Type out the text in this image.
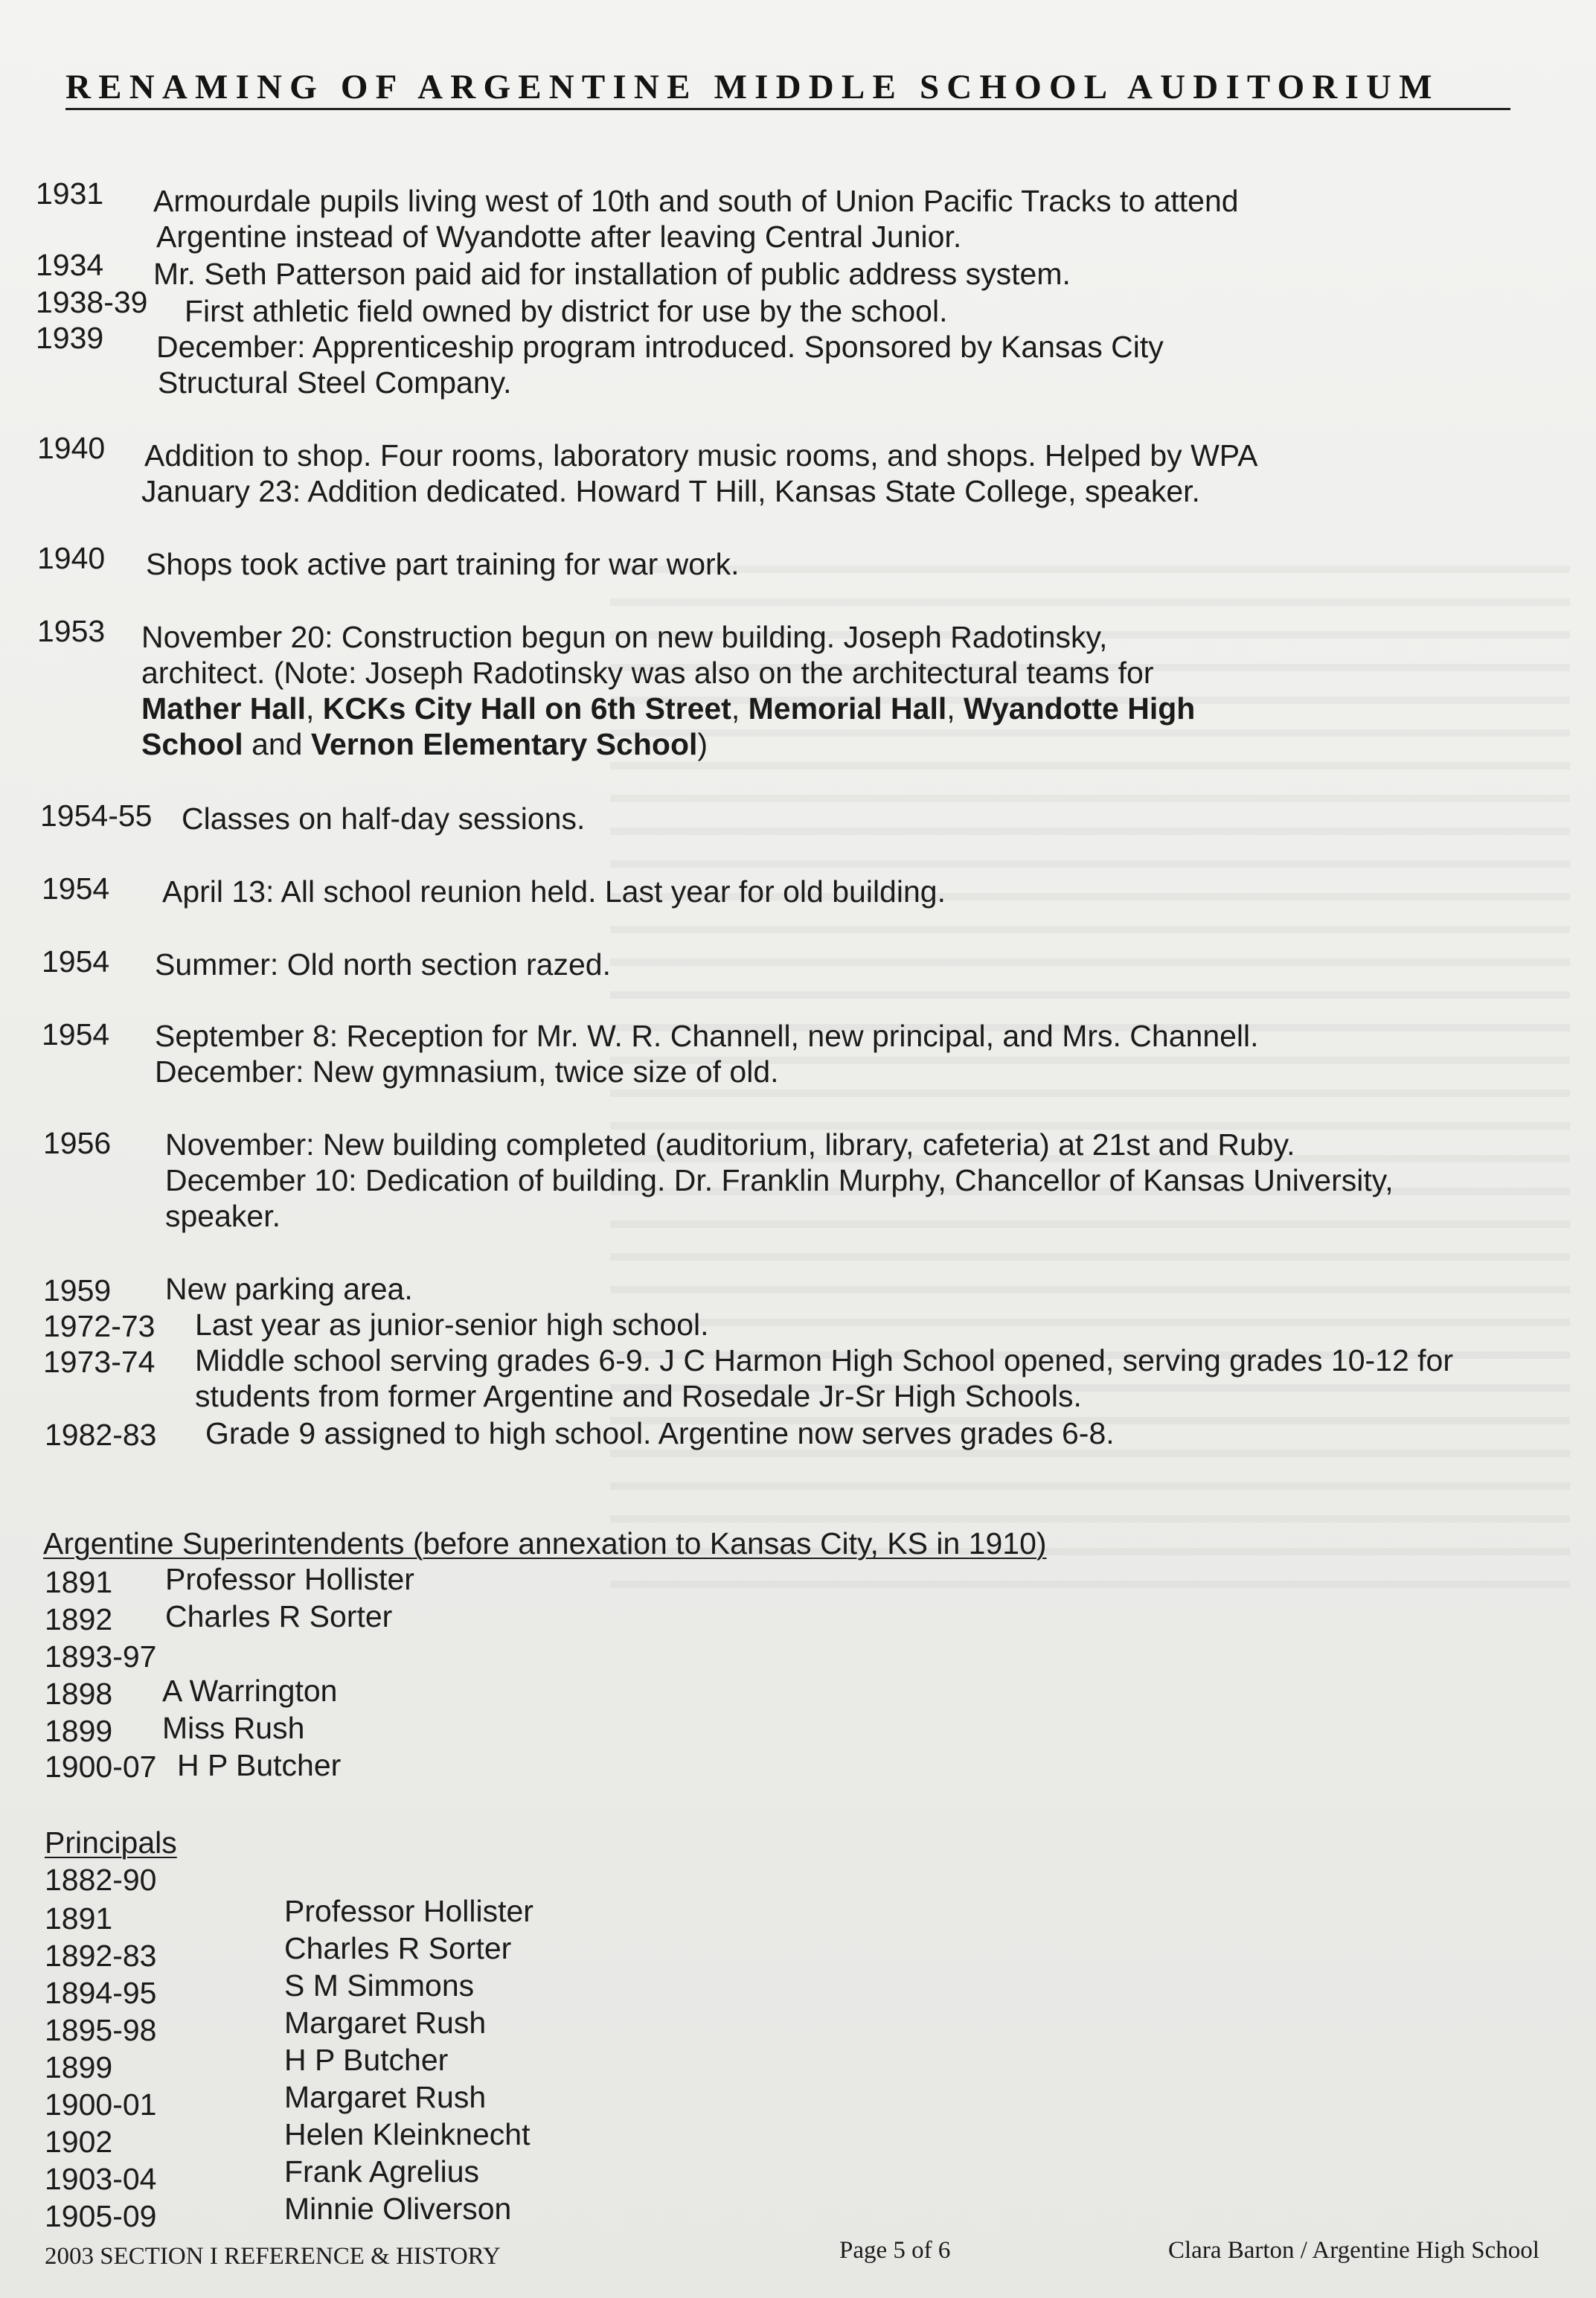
RENAMING OF ARGENTINE MIDDLE SCHOOL AUDITORIUM
1931 Armourdale pupils living west of 10th and south of Union Pacific Tracks to attend
Argentine instead of Wyandotte after leaving Central Junior.
1934 Mr. Seth Patterson paid aid for installation of public address system.
1938-39 First athletic field owned by district for use by the school.
1939 December: Apprenticeship program introduced. Sponsored by Kansas City
Structural Steel Company.
1940 Addition to shop. Four rooms, laboratory music rooms, and shops. Helped by WPA
January 23: Addition dedicated. Howard T Hill, Kansas State College, speaker.
1940 Shops took active part training for war work.
1953 November 20: Construction begun on new building. Joseph Radotinsky,
architect. (Note: Joseph Radotinsky was also on the architectural teams for
Mather Hall, KCKs City Hall on 6th Street, Memorial Hall, Wyandotte High
School and Vernon Elementary School)
1954-55 Classes on half-day sessions.
1954 April 13: All school reunion held. Last year for old building.
1954 Summer: Old north section razed.
1954 September 8: Reception for Mr. W. R. Channell, new principal, and Mrs. Channell.
December: New gymnasium, twice size of old.
1956 November: New building completed (auditorium, library, cafeteria) at 21st and Ruby.
December 10: Dedication of building. Dr. Franklin Murphy, Chancellor of Kansas University,
speaker.
1959 New parking area.
1972-73 Last year as junior-senior high school.
1973-74 Middle school serving grades 6-9. J C Harmon High School opened, serving grades 10-12 for
students from former Argentine and Rosedale Jr-Sr High Schools.
1982-83 Grade 9 assigned to high school. Argentine now serves grades 6-8.
Argentine Superintendents (before annexation to Kansas City, KS in 1910)
1891 Professor Hollister
1892 Charles R Sorter
1893-97
1898 A Warrington
1899 Miss Rush
1900-07 H P Butcher
Principals
1882-90
1891	Professor Hollister
1892-83	Charles R Sorter
1894-95	S M Simmons
1895-98	Margaret Rush
1899	H P Butcher
1900-01	Margaret Rush
1902	Helen Kleinknecht
1903-04	Frank Agrelius
1905-09	Minnie Oliverson
2003 SECTION I REFERENCE & HISTORY	Page 5 of 6	Clara Barton / Argentine High School
